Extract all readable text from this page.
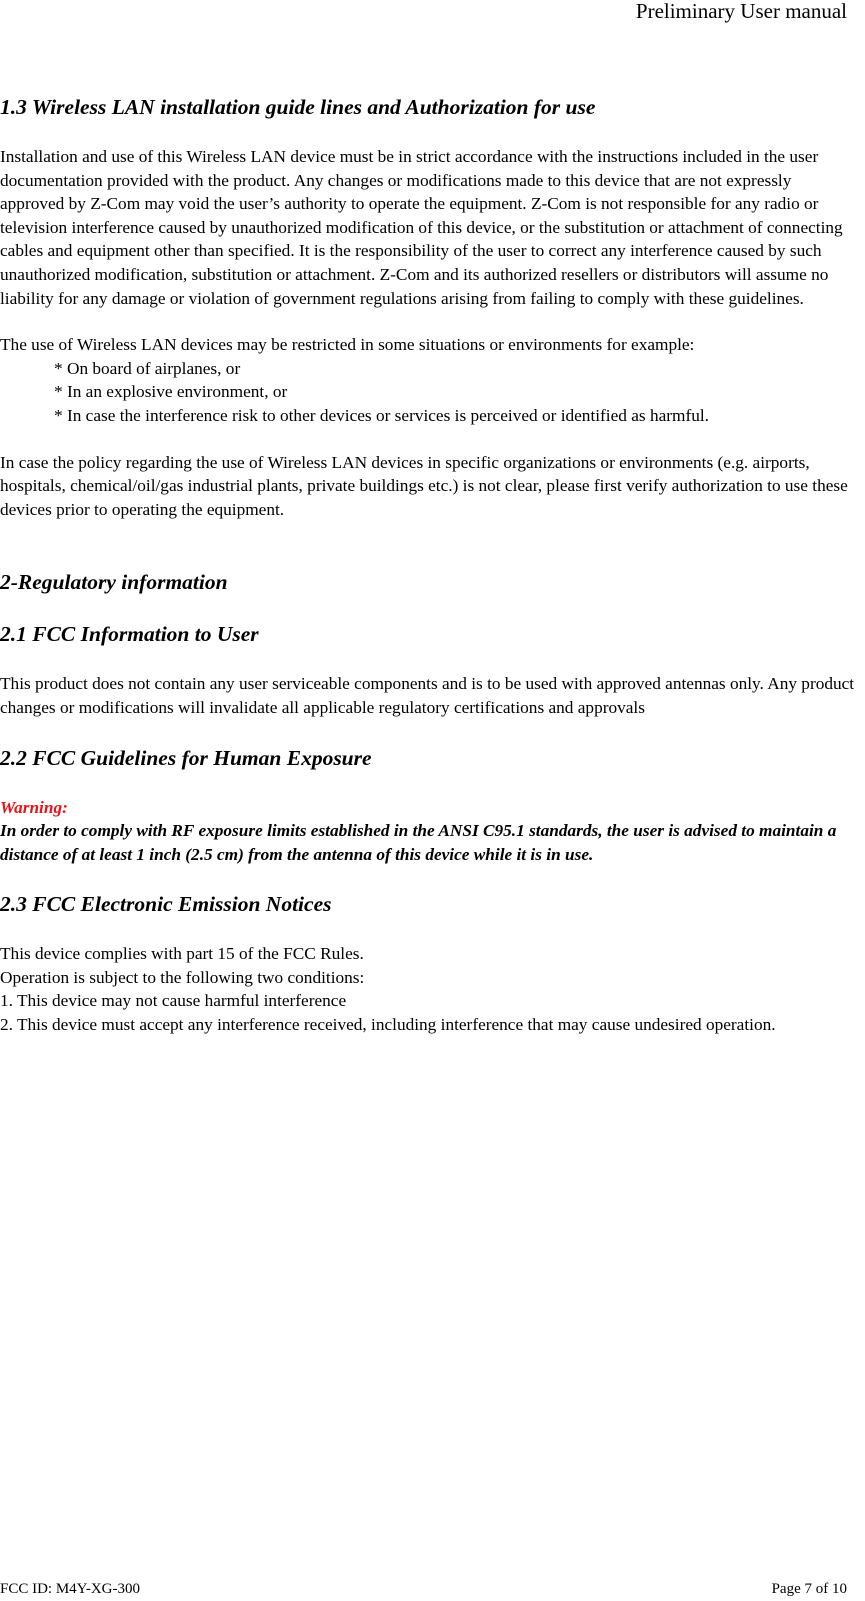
Preliminary User manual

1.3 Wireless LAN installation guide lines and Authorization for use

Installation and use of this Wireless LAN device must be in strict accordance with the instructions included in the user documentation provided with the product. Any changes or modifications made to this device that are not expressly approved by Z-Com may void the user’s authority to operate the equipment. Z-Com is not responsible for any radio or television interference caused by unauthorized modification of this device, or the substitution or attachment of connecting cables and equipment other than specified. It is the responsibility of the user to correct any interference caused by such unauthorized modification, substitution or attachment. Z-Com and its authorized resellers or distributors will assume no liability for any damage or violation of government regulations arising from failing to comply with these guidelines.

The use of Wireless LAN devices may be restricted in some situations or environments for example:

* On board of airplanes, or

* In an explosive environment, or

* In case the interference risk to other devices or services is perceived or identified as harmful.

In case the policy regarding the use of Wireless LAN devices in specific organizations or environments (e.g. airports, hospitals, chemical/oil/gas industrial plants, private buildings etc.) is not clear, please first verify authorization to use these devices prior to operating the equipment.

2-Regulatory information

2.1 FCC Information to User

This product does not contain any user serviceable components and is to be used with approved antennas only. Any product changes or modifications will invalidate all applicable regulatory certifications and approvals

2.2 FCC Guidelines for Human Exposure

Warning:

In order to comply with RF exposure limits established in the ANSI C95.1 standards, the user is advised to maintain a distance of at least 1 inch (2.5 cm) from the antenna of this device while it is in use.

2.3 FCC Electronic Emission Notices

This device complies with part 15 of the FCC Rules.

Operation is subject to the following two conditions:

1. This device may not cause harmful interference

2. This device must accept any interference received, including interference that may cause undesired operation.

FCC ID: M4Y-XG-300	Page 7 of 10
